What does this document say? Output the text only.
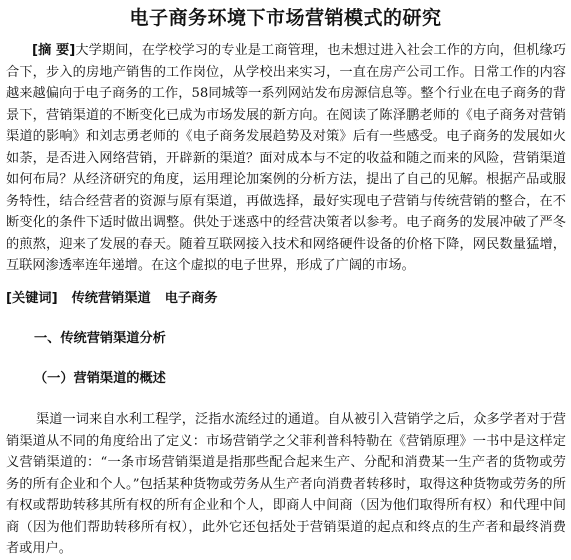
电子商务环境下市场营销模式的研究

[摘 要]大学期间，在学校学习的专业是工商管理，也未想过进入社会工作的方向，但机缘巧合下，步入的房地产销售的工作岗位，从学校出来实习，一直在房产公司工作。日常工作的内容越来越偏向于电子商务的工作，58同城等一系列网站发布房源信息等。整个行业在电子商务的背景下，营销渠道的不断变化已成为市场发展的新方向。在阅读了陈泽鹏老师的《电子商务对营销渠道的影响》和刘志勇老师的《电子商务发展趋势及对策》后有一些感受。电子商务的发展如火如荼，是否进入网络营销，开辟新的渠道？面对成本与不定的收益和随之而来的风险，营销渠道如何布局？从经济研究的角度，运用理论加案例的分析方法，提出了自己的见解。根据产品或服务特性，结合经营者的资源与原有渠道，再做选择，最好实现电子营销与传统营销的整合，在不断变化的条件下适时做出调整。供处于迷惑中的经营决策者以参考。电子商务的发展冲破了严冬的煎熬，迎来了发展的春天。随着互联网接入技术和网络硬件设备的价格下降，网民数量猛增，互联网渗透率连年递增。在这个虚拟的电子世界，形成了广阔的市场。

[关键词] 传统营销渠道 电子商务

一、传统营销渠道分析
（一）营销渠道的概述

渠道一词来自水利工程学，泛指水流经过的通道。自从被引入营销学之后，众多学者对于营销渠道从不同的角度给出了定义：市场营销学之父菲利普科特勒在《营销原理》一书中是这样定义营销渠道的：“一条市场营销渠道是指那些配合起来生产、分配和消费某一生产者的货物或劳务的所有企业和个人。”包括某种货物或劳务从生产者向消费者转移时，取得这种货物或劳务的所有权或帮助转移其所有权的所有企业和个人，即商人中间商（因为他们取得所有权）和代理中间商（因为他们帮助转移所有权），此外它还包括处于营销渠道的起点和终点的生产者和最终消费者或用户。
